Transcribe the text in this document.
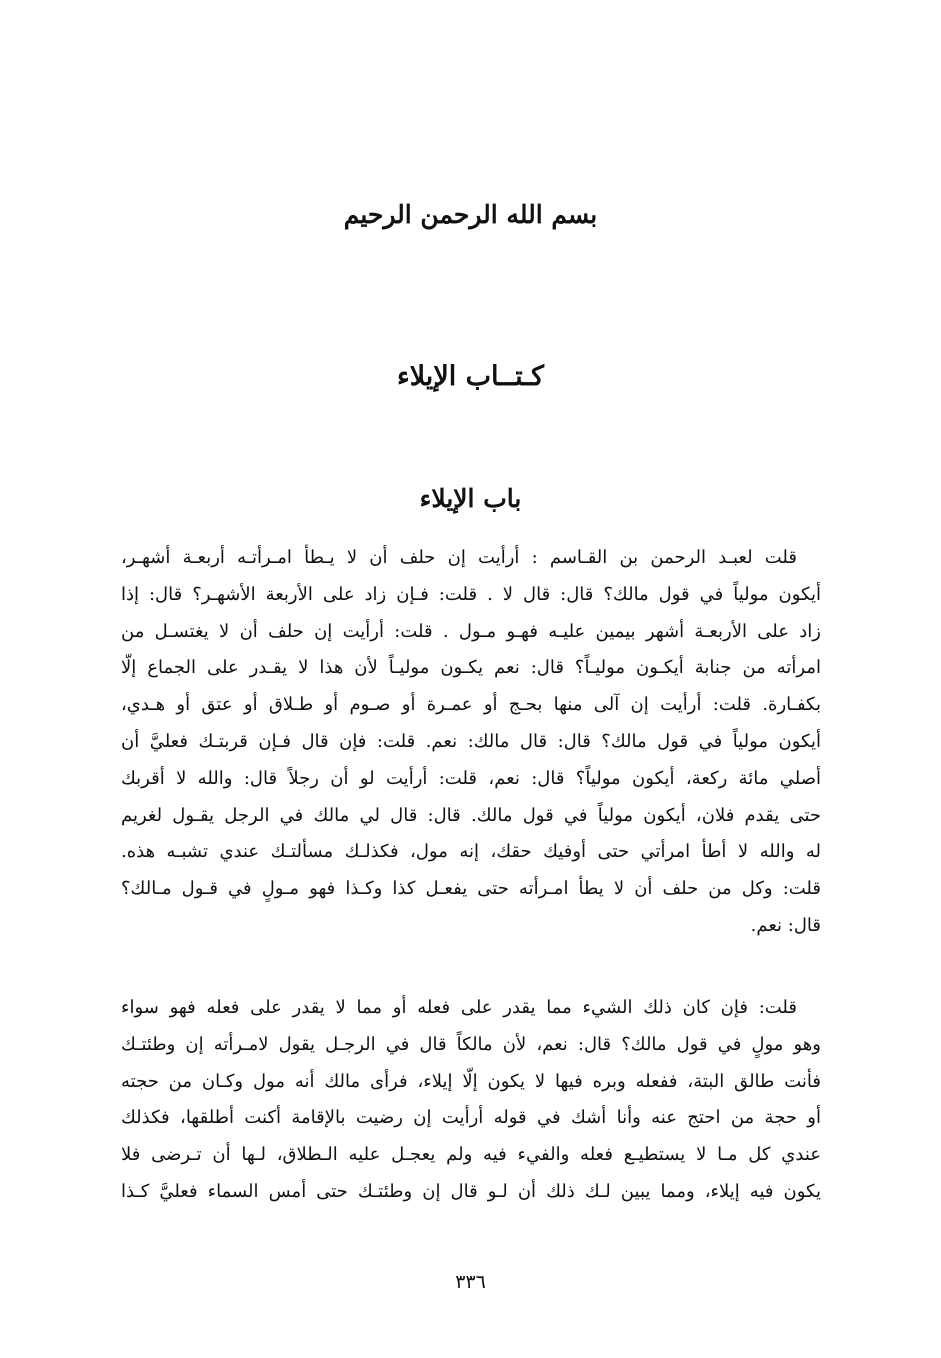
بسم الله الرحمن الرحيم
كـتــاب الإيلاء
باب الإيلاء
قلت لعبـد الرحمن بن القـاسم : أرأيت إن حلف أن لا يـطأ امـرأتـه أربعـة أشهـر،
أيكون مولياً في قول مالك؟ قال: قال لا . قلت: فـإن زاد على الأربعة الأشهـر؟ قال: إذا
زاد على الأربعـة أشهر بيمين عليـه فهـو مـول . قلت: أرأيت إن حلف أن لا يغتسـل من
امرأته من جنابة أيكـون موليـاً؟ قال: نعم يكـون موليـاً لأن هذا لا يقـدر على الجماع إلّا
بكفـارة. قلت: أرأيت إن آلى منها بحـج أو عمـرة أو صـوم أو طـلاق أو عتق أو هـدي،
أيكون مولياً في قول مالك؟ قال: قال مالك: نعم. قلت: فإن قال فـإن قربتـك فعليَّ أن
أصلي مائة ركعة، أيكون مولياً؟ قال: نعم، قلت: أرأيت لو أن رجلاً قال: والله لا أقربك
حتى يقدم فلان، أيكون مولياً في قول مالك. قال: قال لي مالك في الرجل يقـول لغريم
له والله لا أطأ امرأتي حتى أوفيك حقك، إنه مول، فكذلـك مسألتـك عندي تشبـه هذه.
قلت: وكل من حلف أن لا يطأ امـرأته حتى يفعـل كذا وكـذا فهو مـولٍ في قـول مـالك؟
قال: نعم.
قلت: فإن كان ذلك الشيء مما يقدر على فعله أو مما لا يقدر على فعله فهو سواء
وهو مولٍ في قول مالك؟ قال: نعم، لأن مالكاً قال في الرجـل يقول لامـرأته إن وطئتـك
فأنت طالق البتة، ففعله وبره فيها لا يكون إلّا إيلاء، فرأى مالك أنه مول وكـان من حجته
أو حجة من احتج عنه وأنا أشك في قوله أرأيت إن رضيت بالإقامة أكنت أطلقها، فكذلك
عندي كل مـا لا يستطيـع فعله والفيء فيه ولم يعجـل عليه الـطلاق، لـها أن تـرضى فلا
يكون فيه إيلاء، ومما يبين لـك ذلك أن لـو قال إن وطئتـك حتى أمس السماء فعليَّ كـذا
٣٣٦
